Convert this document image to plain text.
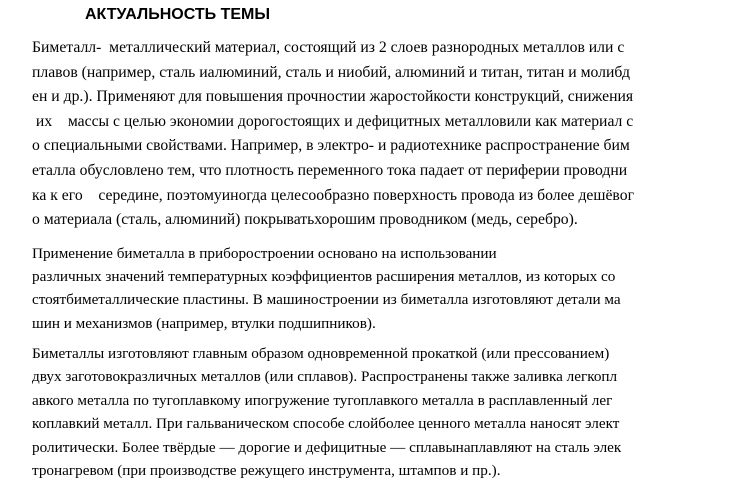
АКТУАЛЬНОСТЬ ТЕМЫ

Биметалл-  металлический материал, состоящий из 2 слоев разнородных металлов или с
плавов (например, сталь иалюминий, сталь и ниобий, алюминий и титан, титан и молибд
ен и др.). Применяют для повышения прочностии жаростойкости конструкций, снижения
их    массы с целью экономии дорогостоящих и дефицитных металловили как материал с
о специальными свойствами. Например, в электро- и радиотехнике распространение бим
еталла обусловлено тем, что плотность переменного тока падает от периферии проводни
ка к его    середине, поэтомуиногда целесообразно поверхность провода из более дешёвог
о материала (сталь, алюминий) покрыватьхорошим проводником (медь, серебро).

Применение биметалла в приборостроении основано на использовании
различных значений температурных коэффициентов расширения металлов, из которых со
стоятбиметаллические пластины. В машиностроении из биметалла изготовляют детали ма
шин и механизмов (например, втулки подшипников).

Биметаллы изготовляют главным образом одновременной прокаткой (или прессованием)
двух заготовокразличных металлов (или сплавов). Распространены также заливка легкопл
авкого металла по тугоплавкому ипогружение тугоплавкого металла в расплавленный лег
коплавкий металл. При гальваническом способе слойболее ценного металла наносят элект
ролитически. Более твёрдые — дорогие и дефицитные — сплавынаплавляют на сталь элек
тронагревом (при производстве режущего инструмента, штампов и пр.).
